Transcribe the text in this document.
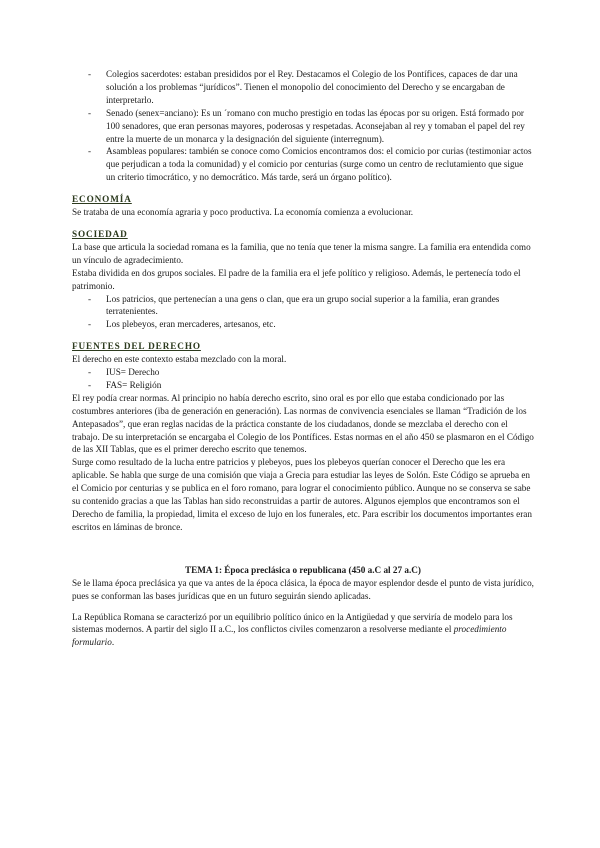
- Colegios sacerdotes: estaban presididos por el Rey. Destacamos el Colegio de los Pontífices, capaces de dar una solución a los problemas “jurídicos”. Tienen el monopolio del conocimiento del Derecho y se encargaban de interpretarlo.
- Senado (senex=anciano): Es un ´romano con mucho prestigio en todas las épocas por su origen. Está formado por 100 senadores, que eran personas mayores, poderosas y respetadas. Aconsejaban al rey y tomaban el papel del rey entre la muerte de un monarca y la designación del siguiente (interregnum).
- Asambleas populares: también se conoce como Comicios encontramos dos: el comicio por curias (testimoniar actos que perjudican a toda la comunidad) y el comicio por centurias (surge como un centro de reclutamiento que sigue un criterio timocrático, y no democrático. Más tarde, será un órgano político).

ECONOMÍA

Se trataba de una economía agraria y poco productiva. La economía comienza a evolucionar.

SOCIEDAD

La base que articula la sociedad romana es la familia, que no tenía que tener la misma sangre. La familia era entendida como un vínculo de agradecimiento.

Estaba dividida en dos grupos sociales. El padre de la familia era el jefe político y religioso. Además, le pertenecía todo el patrimonio.

- Los patricios, que pertenecían a una gens o clan, que era un grupo social superior a la familia, eran grandes terratenientes.
- Los plebeyos, eran mercaderes, artesanos, etc.

FUENTES DEL DERECHO

El derecho en este contexto estaba mezclado con la moral.

- IUS= Derecho
- FAS= Religión

El rey podía crear normas. Al principio no había derecho escrito, sino oral es por ello que estaba condicionado por las costumbres anteriores (iba de generación en generación). Las normas de convivencia esenciales se llaman “Tradición de los Antepasados”, que eran reglas nacidas de la práctica constante de los ciudadanos, donde se mezclaba el derecho con el trabajo. De su interpretación se encargaba el Colegio de los Pontífices. Estas normas en el año 450 se plasmaron en el Código de las XII Tablas, que es el primer derecho escrito que tenemos.

Surge como resultado de la lucha entre patricios y plebeyos, pues los plebeyos querían conocer el Derecho que les era aplicable. Se habla que surge de una comisión que viaja a Grecia para estudiar las leyes de Solón. Este Código se aprueba en el Comicio por centurias y se publica en el foro romano, para lograr el conocimiento público. Aunque no se conserva se sabe su contenido gracias a que las Tablas han sido reconstruidas a partir de autores. Algunos ejemplos que encontramos son el Derecho de familia, la propiedad, limita el exceso de lujo en los funerales, etc. Para escribir los documentos importantes eran escritos en láminas de bronce.

TEMA 1: Época preclásica o republicana (450 a.C al 27 a.C)

Se le llama época preclásica ya que va antes de la época clásica, la época de mayor esplendor desde el punto de vista jurídico, pues se conforman las bases jurídicas que en un futuro seguirán siendo aplicadas.

La República Romana se caracterizó por un equilibrio político único en la Antigüedad y que serviría de modelo para los sistemas modernos. A partir del siglo II a.C., los conflictos civiles comenzaron a resolverse mediante el procedimiento formulario.
